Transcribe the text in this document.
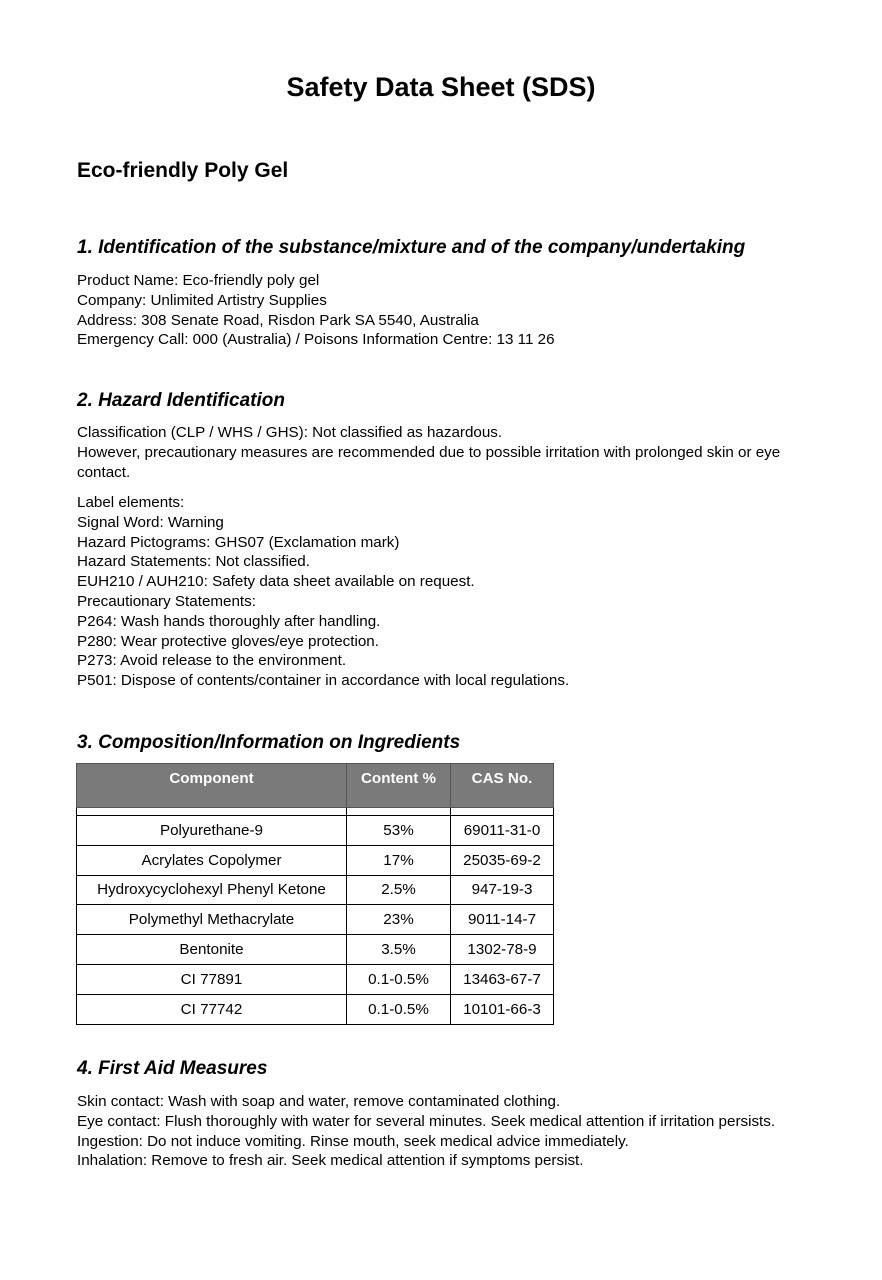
Safety Data Sheet (SDS)
Eco-friendly Poly Gel
1. Identification of the substance/mixture and of the company/undertaking
Product Name: Eco-friendly poly gel
Company: Unlimited Artistry Supplies
Address: 308 Senate Road, Risdon Park SA 5540, Australia
Emergency Call: 000 (Australia) / Poisons Information Centre: 13 11 26
2. Hazard Identification
Classification (CLP / WHS / GHS): Not classified as hazardous.
However, precautionary measures are recommended due to possible irritation with prolonged skin or eye contact.
Label elements:
Signal Word: Warning
Hazard Pictograms: GHS07 (Exclamation mark)
Hazard Statements: Not classified.
EUH210 / AUH210: Safety data sheet available on request.
Precautionary Statements:
P264: Wash hands thoroughly after handling.
P280: Wear protective gloves/eye protection.
P273: Avoid release to the environment.
P501: Dispose of contents/container in accordance with local regulations.
3. Composition/Information on Ingredients
Component	Content %	CAS No.

Polyurethane-9	53%	69011-31-0
Acrylates Copolymer	17%	25035-69-2
Hydroxycyclohexyl Phenyl Ketone	2.5%	947-19-3
Polymethyl Methacrylate	23%	9011-14-7
Bentonite	3.5%	1302-78-9
CI 77891	0.1-0.5%	13463-67-7
CI 77742	0.1-0.5%	10101-66-3
4. First Aid Measures
Skin contact: Wash with soap and water, remove contaminated clothing.
Eye contact: Flush thoroughly with water for several minutes. Seek medical attention if irritation persists.
Ingestion: Do not induce vomiting. Rinse mouth, seek medical advice immediately.
Inhalation: Remove to fresh air. Seek medical attention if symptoms persist.
